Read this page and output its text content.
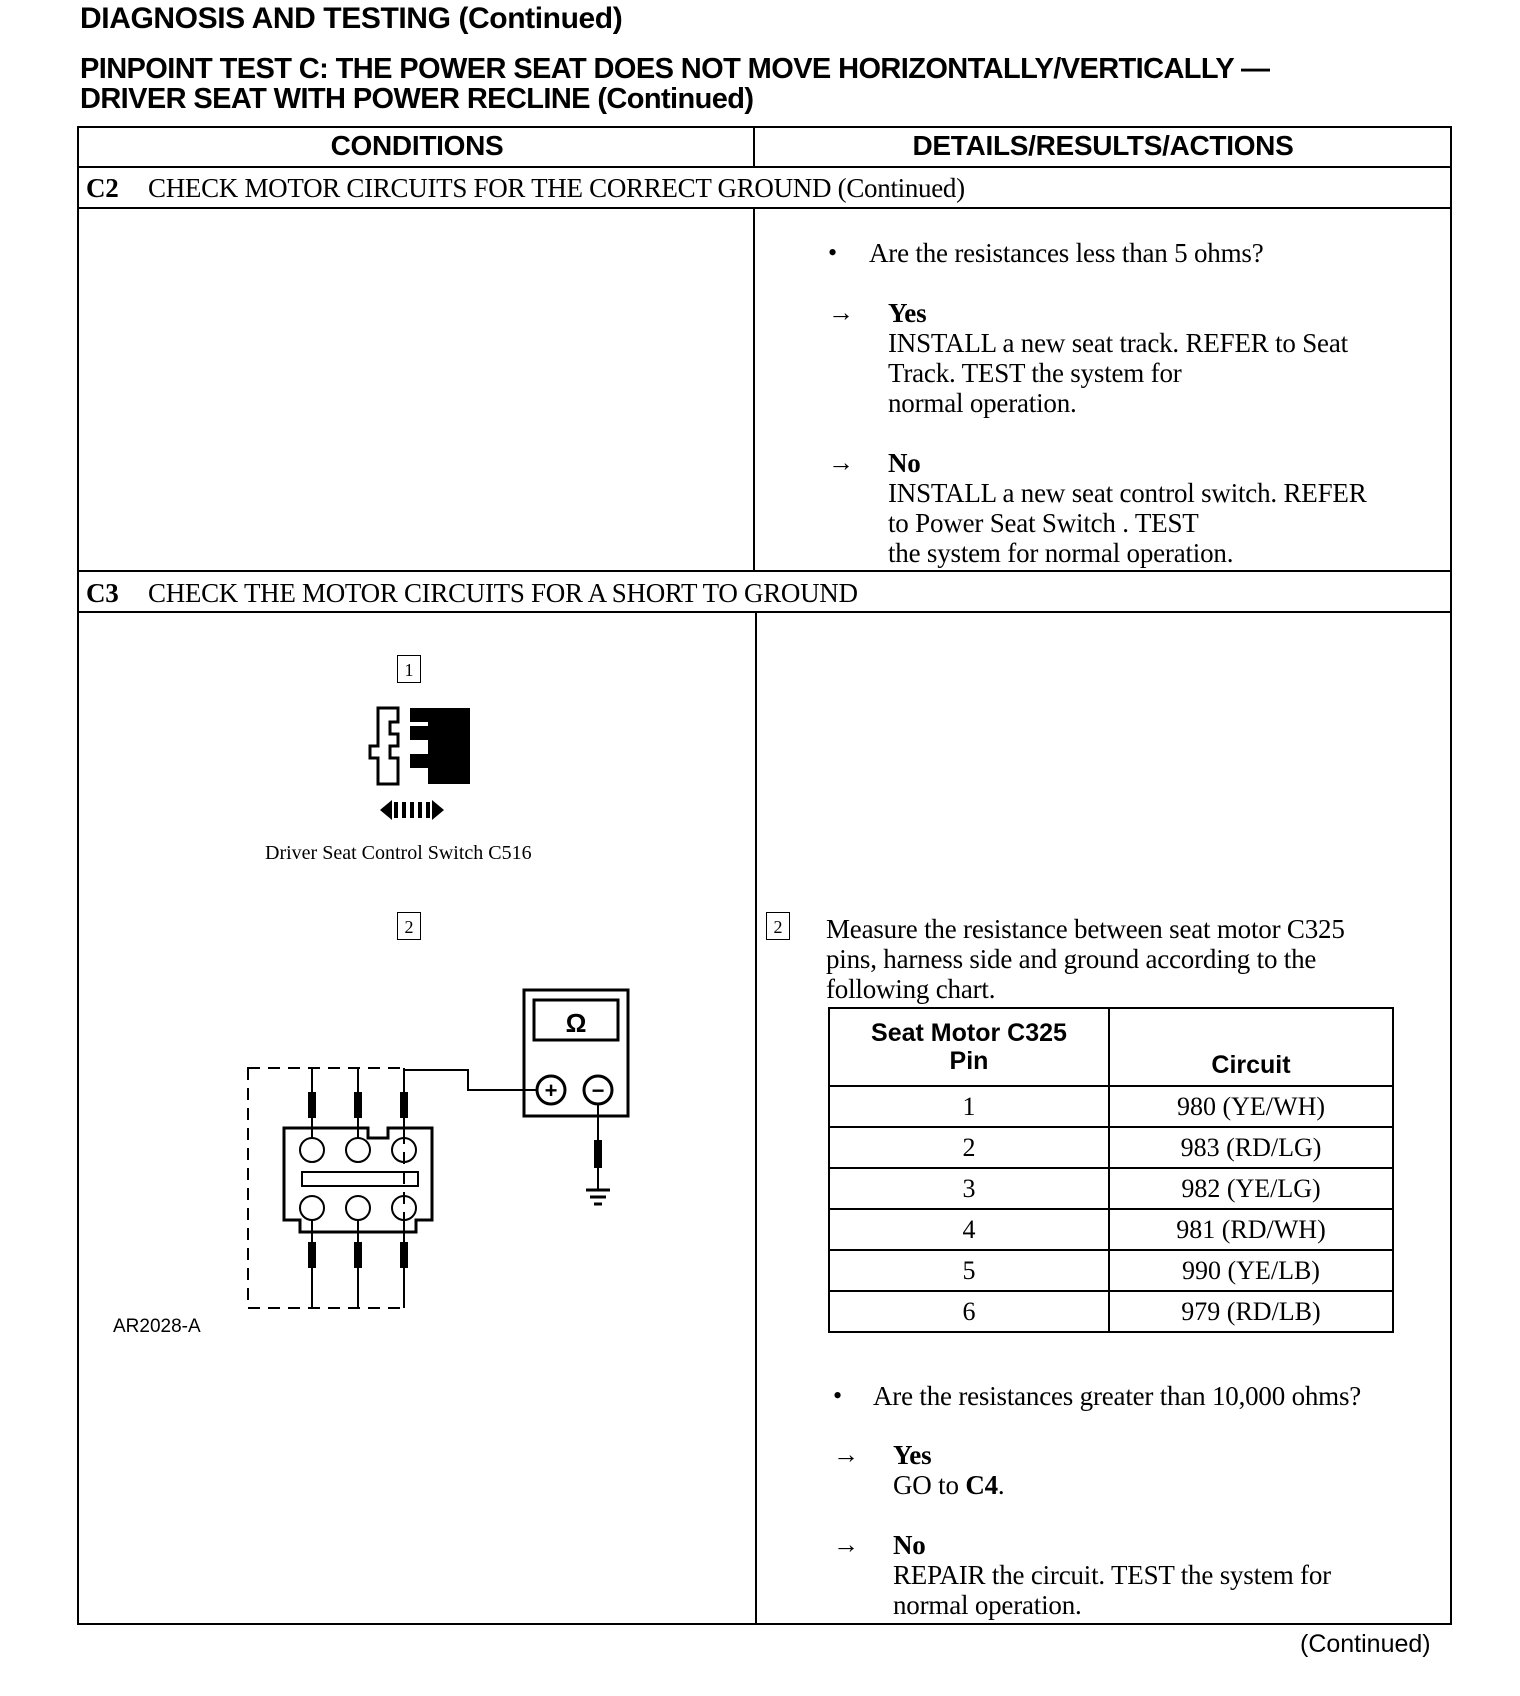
DIAGNOSIS AND TESTING (Continued)
PINPOINT TEST C: THE POWER SEAT DOES NOT MOVE HORIZONTALLY/VERTICALLY —
DRIVER SEAT WITH POWER RECLINE (Continued)
CONDITIONS	DETAILS/RESULTS/ACTIONS
C2 CHECK MOTOR CIRCUITS FOR THE CORRECT GROUND (Continued)
• Are the resistances less than 5 ohms?
→ Yes
INSTALL a new seat track. REFER to Seat
Track. TEST the system for
normal operation.
→ No
INSTALL a new seat control switch. REFER
to Power Seat Switch . TEST
the system for normal operation.
C3 CHECK THE MOTOR CIRCUITS FOR A SHORT TO GROUND
1
Driver Seat Control Switch C516
2
Ω
+ −
AR2028-A
2 Measure the resistance between seat motor C325
pins, harness side and ground according to the
following chart.
Seat Motor C325
Pin	Circuit
1	980 (YE/WH)
2	983 (RD/LG)
3	982 (YE/LG)
4	981 (RD/WH)
5	990 (YE/LB)
6	979 (RD/LB)
• Are the resistances greater than 10,000 ohms?
→ Yes
GO to C4.
→ No
REPAIR the circuit. TEST the system for
normal operation.
(Continued)
